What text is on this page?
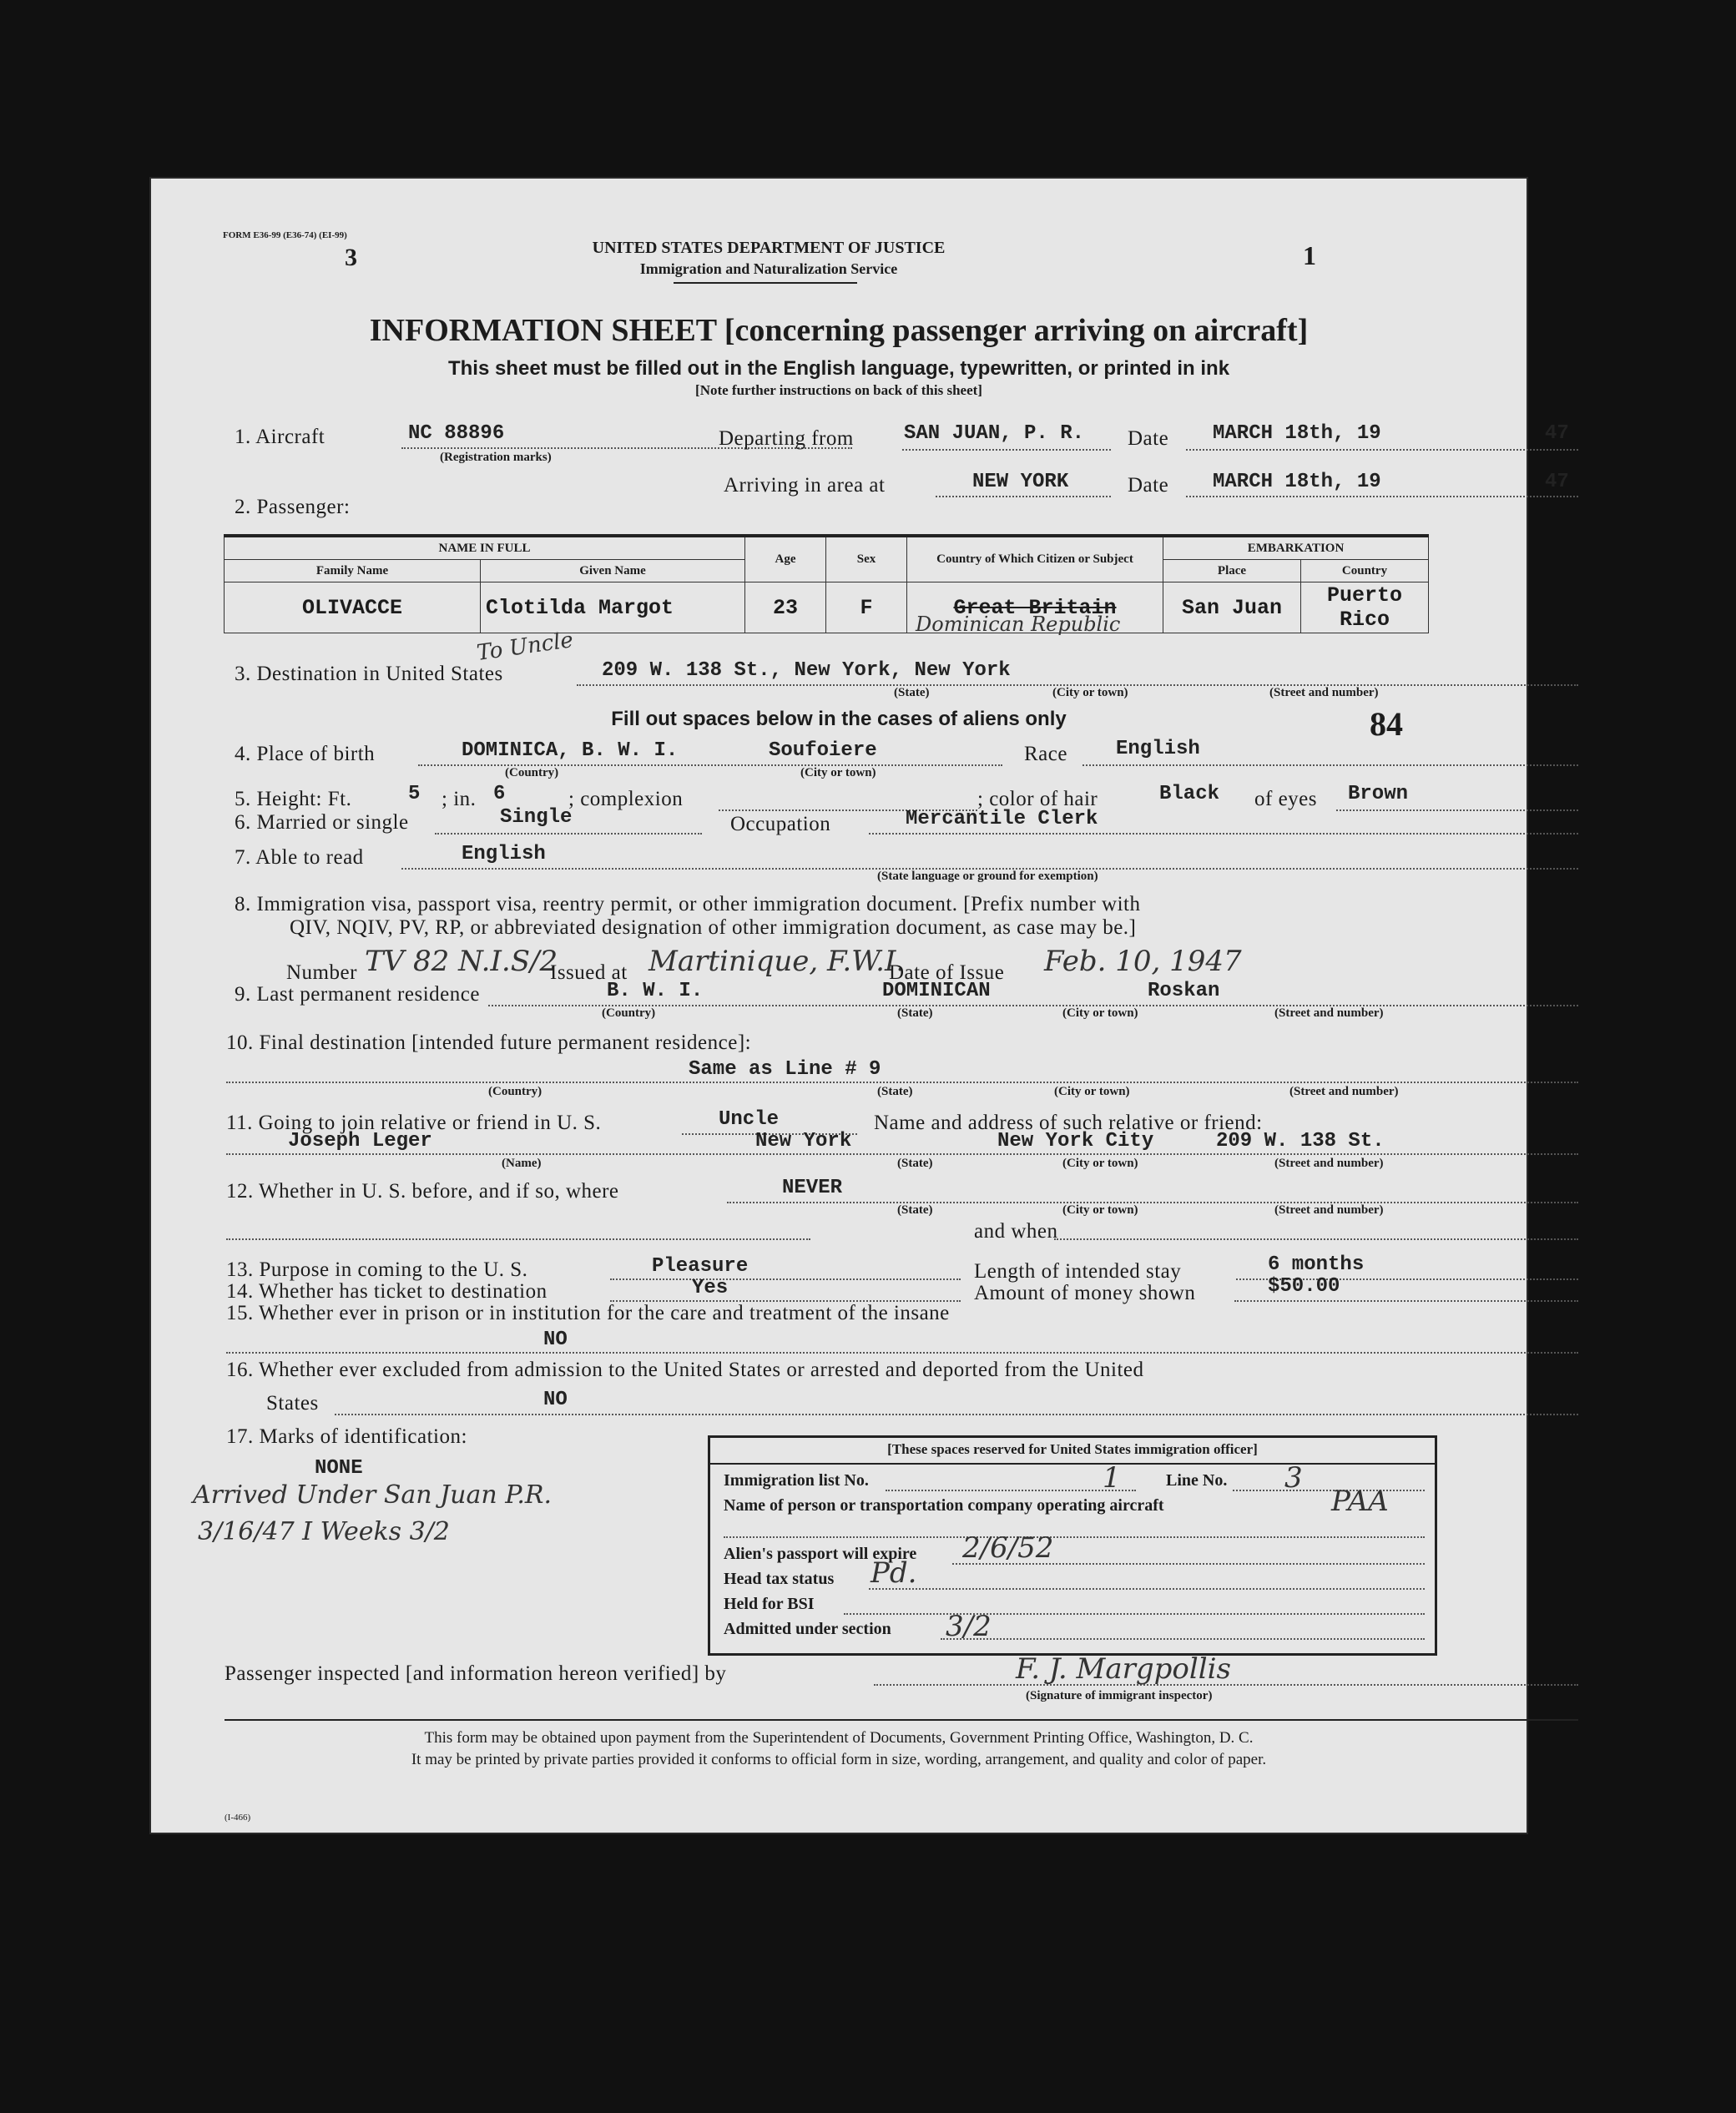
FORM E36-99 (E36-74) (EI-99)
3	1
UNITED STATES DEPARTMENT OF JUSTICE
Immigration and Naturalization Service
INFORMATION SHEET [concerning passenger arriving on aircraft]
This sheet must be filled out in the English language, typewritten, or printed in ink
[Note further instructions on back of this sheet]
1. Aircraft	NC 88896
(Registration marks)
Departing from	SAN JUAN, P. R. Date MARCH 18th, 19	47
Arriving in area at	NEW YORK	Date MARCH 18th, 19	47
2. Passenger:
NAME IN FULL		Age	Sex	Country of Which Citizen or Subject	EMBARKATION	
Family Name	Given Name				Place	Country
OLIVACCE	Clotilda Margot	23	F	Great Britain
Dominican Republic	San Juan	Puerto Rico
To Uncle
3. Destination in United States	209 W. 138 St., New York, New York
(State)	(City or town)	(Street and number)
Fill out spaces below in the cases of aliens only	84
4. Place of birth	DOMINICA, B. W. I.	Soufoiere
(Country)	(City or town)
Race English
5. Height: Ft.	5 ; in. 6	; complexion	; color of hair	Black of eyes Brown
6. Married or single	Single	Occupation	Mercantile Clerk
7. Able to read	English
(State language or ground for exemption)
8. Immigration visa, passport visa, reentry permit, or other immigration document. [Prefix number with
QIV, NQIV, PV, RP, or abbreviated designation of other immigration document, as case may be.]
Number TV 82 N.I.S/2
Issued at Martinique, F.W.I.
Date of Issue Feb. 10, 1947
9. Last permanent residence	B. W. I.	DOMINICAN	Roskan
(Country)	(State)	(City or town)	(Street and number)
10. Final destination [intended future permanent residence]:
Same as Line # 9
(Country)	(State)	(City or town)	(Street and number)
11. Going to join relative or friend in U. S.	Uncle	Name and address of such relative or friend:
Joseph Leger	New York	New York City	209 W. 138 St.
(Name)	(State)	(City or town)	(Street and number)
12. Whether in U. S. before, and if so, where	NEVER
(State)	(City or town)	(Street and number)
and when
13. Purpose in coming to the U. S.	Pleasure	Length of intended stay	6 months
14. Whether has ticket to destination	Yes	Amount of money shown	$50.00
15. Whether ever in prison or in institution for the care and treatment of the insane
NO
16. Whether ever excluded from admission to the United States or arrested and deported from the United
States	NO
17. Marks of identification:
NONE
Arrived Under San Juan P.R.
3/16/47 I Weeks 3/2
[These spaces reserved for United States immigration officer]
Immigration list No.	1	Line No. 3
Name of person or transportation company operating aircraft	PAA
Alien's passport will expire 2/6/52
Head tax status Pd.
Held for BSI
Admitted under section 3/2
Passenger inspected [and information hereon verified] by	F. J. Margpollis
(Signature of immigrant inspector)
This form may be obtained upon payment from the Superintendent of Documents, Government Printing Office, Washington, D. C.
It may be printed by private parties provided it conforms to official form in size, wording, arrangement, and quality and color of paper.
(I-466)
